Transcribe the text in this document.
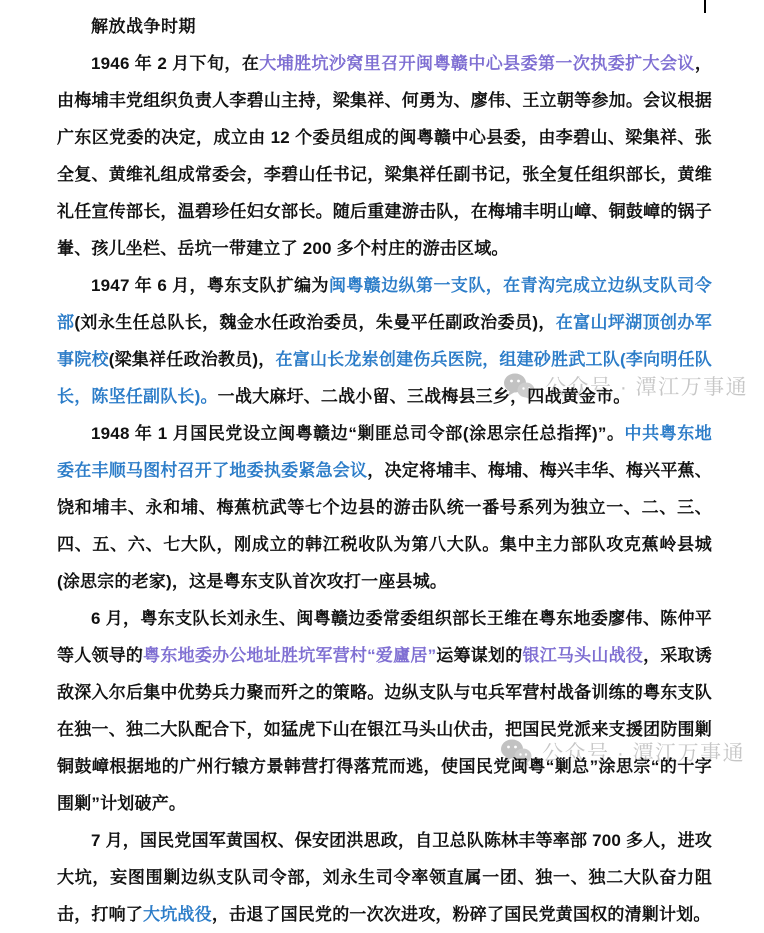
公众号 · 潭江万事通
公众号 · 潭江万事通
解放战争时期

1946 年 2 月下旬，在大埔胜坑沙窝里召开闽粤赣中心县委第一次执委扩大会议，由梅埔丰党组织负责人李碧山主持，梁集祥、何勇为、廖伟、王立朝等参加。会议根据广东区党委的决定，成立由 12 个委员组成的闽粤赣中心县委，由李碧山、梁集祥、张全复、黄维礼组成常委会，李碧山任书记，梁集祥任副书记，张全复任组织部长，黄维礼任宣传部长，温碧珍任妇女部长。随后重建游击队，在梅埔丰明山嶂、铜鼓嶂的锅子輋、孩儿坐栏、岳坑一带建立了 200 多个村庄的游击区域。

1947 年 6 月，粤东支队扩编为闽粤赣边纵第一支队，在青沟完成立边纵支队司令部(刘永生任总队长，魏金水任政治委员，朱曼平任副政治委员)，在富山坪湖顶创办军事院校(梁集祥任政治教员)，在富山长龙岽创建伤兵医院，组建砂胜武工队(李向明任队长，陈坚任副队长)。一战大麻圩、二战小留、三战梅县三乡，四战黄金市。

1948 年 1 月国民党设立闽粤赣边“剿匪总司令部(涂思宗任总指挥)”。中共粤东地委在丰顺马图村召开了地委执委紧急会议，决定将埔丰、梅埔、梅兴丰华、梅兴平蕉、饶和埔丰、永和埔、梅蕉杭武等七个边县的游击队统一番号系列为独立一、二、三、四、五、六、七大队，刚成立的韩江税收队为第八大队。集中主力部队攻克蕉岭县城(涂思宗的老家)，这是粤东支队首次攻打一座县城。

6 月，粤东支队长刘永生、闽粤赣边委常委组织部长王维在粤东地委廖伟、陈仲平等人领导的粤东地委办公地址胜坑军营村“爱廬居”运筹谋划的银江马头山战役，采取诱敌深入尔后集中优势兵力聚而歼之的策略。边纵支队与屯兵军营村战备训练的粤东支队在独一、独二大队配合下，如猛虎下山在银江马头山伏击，把国民党派来支援团防围剿铜鼓嶂根据地的广州行辕方景韩营打得落荒而逃，使国民党闽粤“剿总”涂思宗“的十字围剿”计划破产。

7 月，国民党国军黄国权、保安团洪思政，自卫总队陈林丰等率部 700 多人，进攻大坑，妄图围剿边纵支队司令部，刘永生司令率领直属一团、独一、独二大队奋力阻击，打响了大坑战役，击退了国民党的一次次进攻，粉碎了国民党黄国权的清剿计划。
